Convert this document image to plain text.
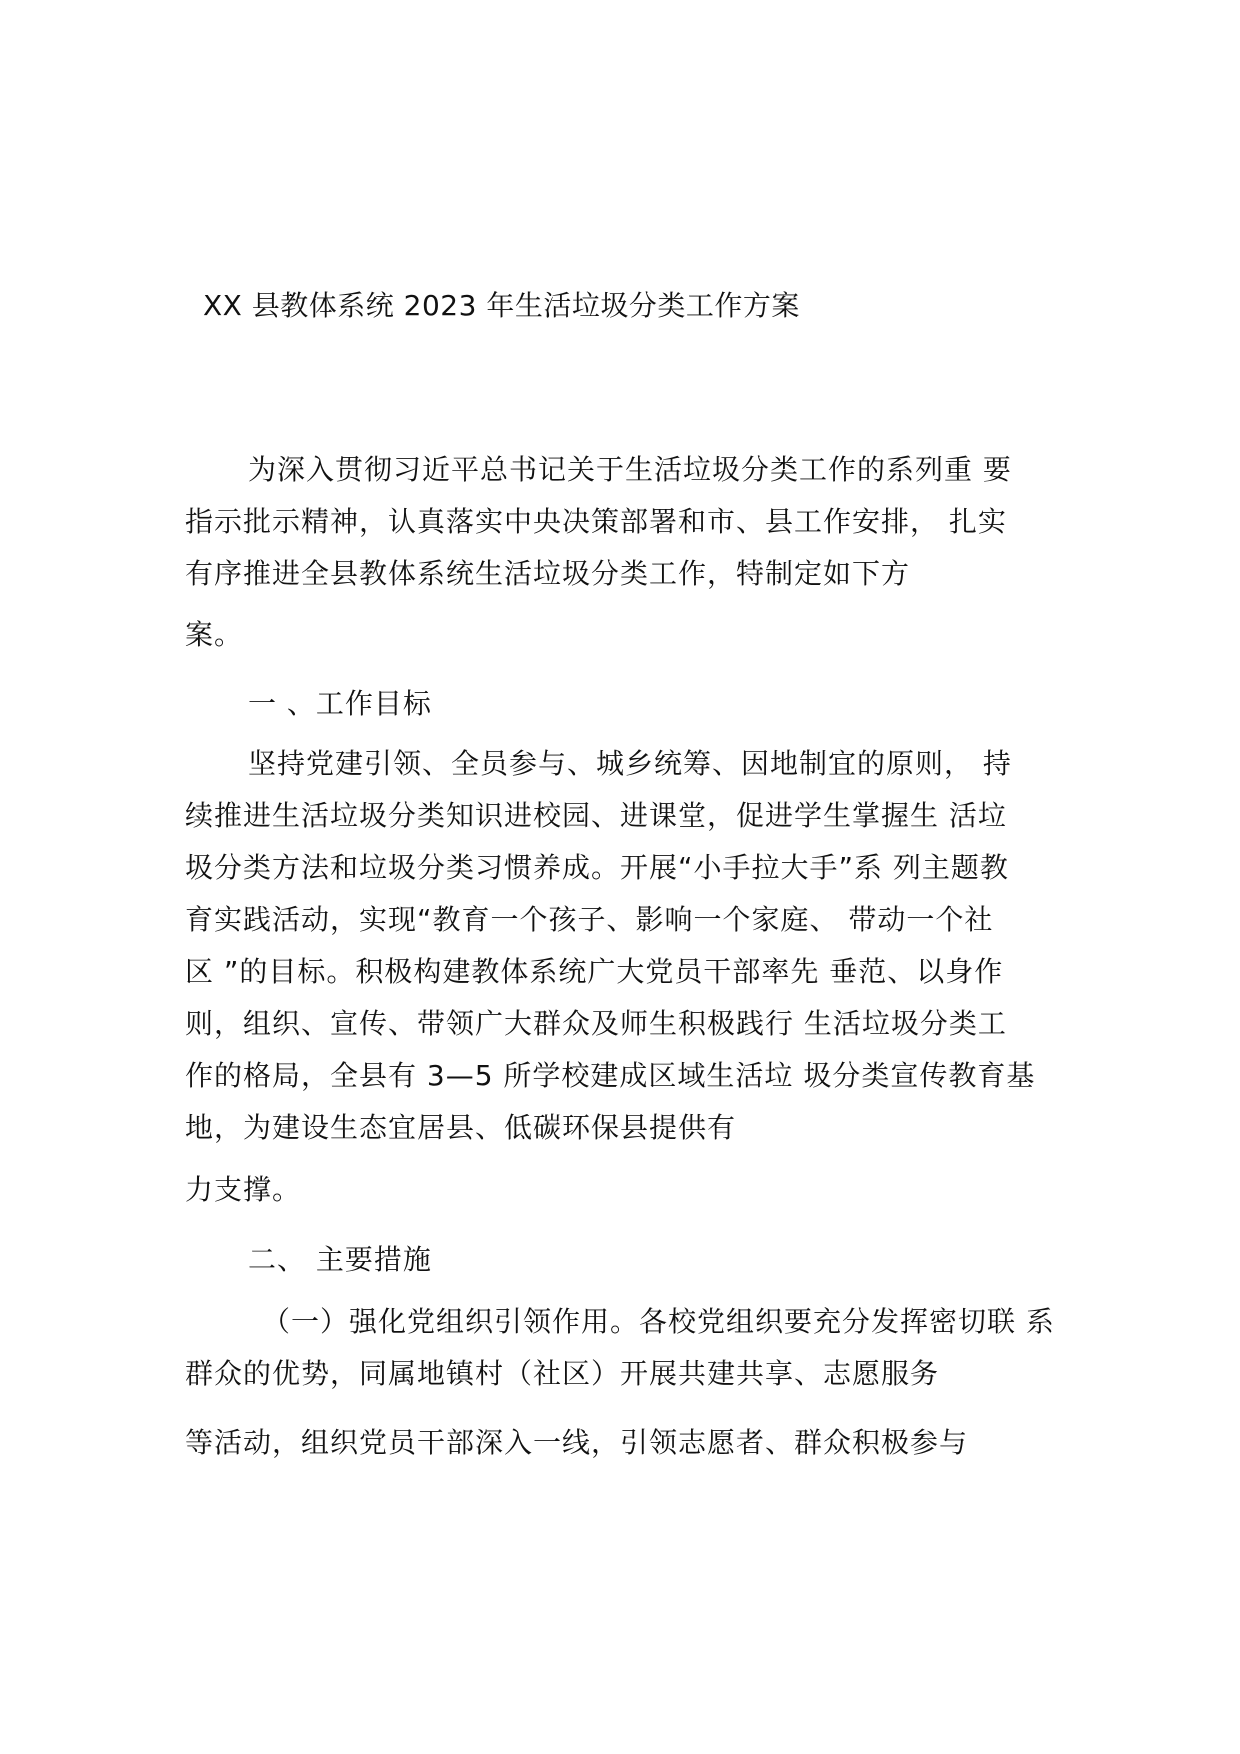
XX 县教体系统 2023 年生活垃圾分类工作方案
为深入贯彻习近平总书记关于生活垃圾分类工作的系列重 要
指示批示精神，认真落实中央决策部署和市、县工作安排， 扎实
有序推进全县教体系统生活垃圾分类工作，特制定如下方
案。
一 、工作目标
坚持党建引领、全员参与、城乡统筹、因地制宜的原则， 持
续推进生活垃圾分类知识进校园、进课堂，促进学生掌握生 活垃
圾分类方法和垃圾分类习惯养成。开展“小手拉大手”系 列主题教
育实践活动，实现“教育一个孩子、影响一个家庭、 带动一个社
区 ”的目标。积极构建教体系统广大党员干部率先 垂范、以身作
则，组织、宣传、带领广大群众及师生积极践行 生活垃圾分类工
作的格局，全县有 3—5 所学校建成区域生活垃 圾分类宣传教育基
地，为建设生态宜居县、低碳环保县提供有
力支撑。
二、 主要措施
（一）强化党组织引领作用。各校党组织要充分发挥密切联 系
群众的优势，同属地镇村（社区）开展共建共享、志愿服务
等活动，组织党员干部深入一线，引领志愿者、群众积极参与
